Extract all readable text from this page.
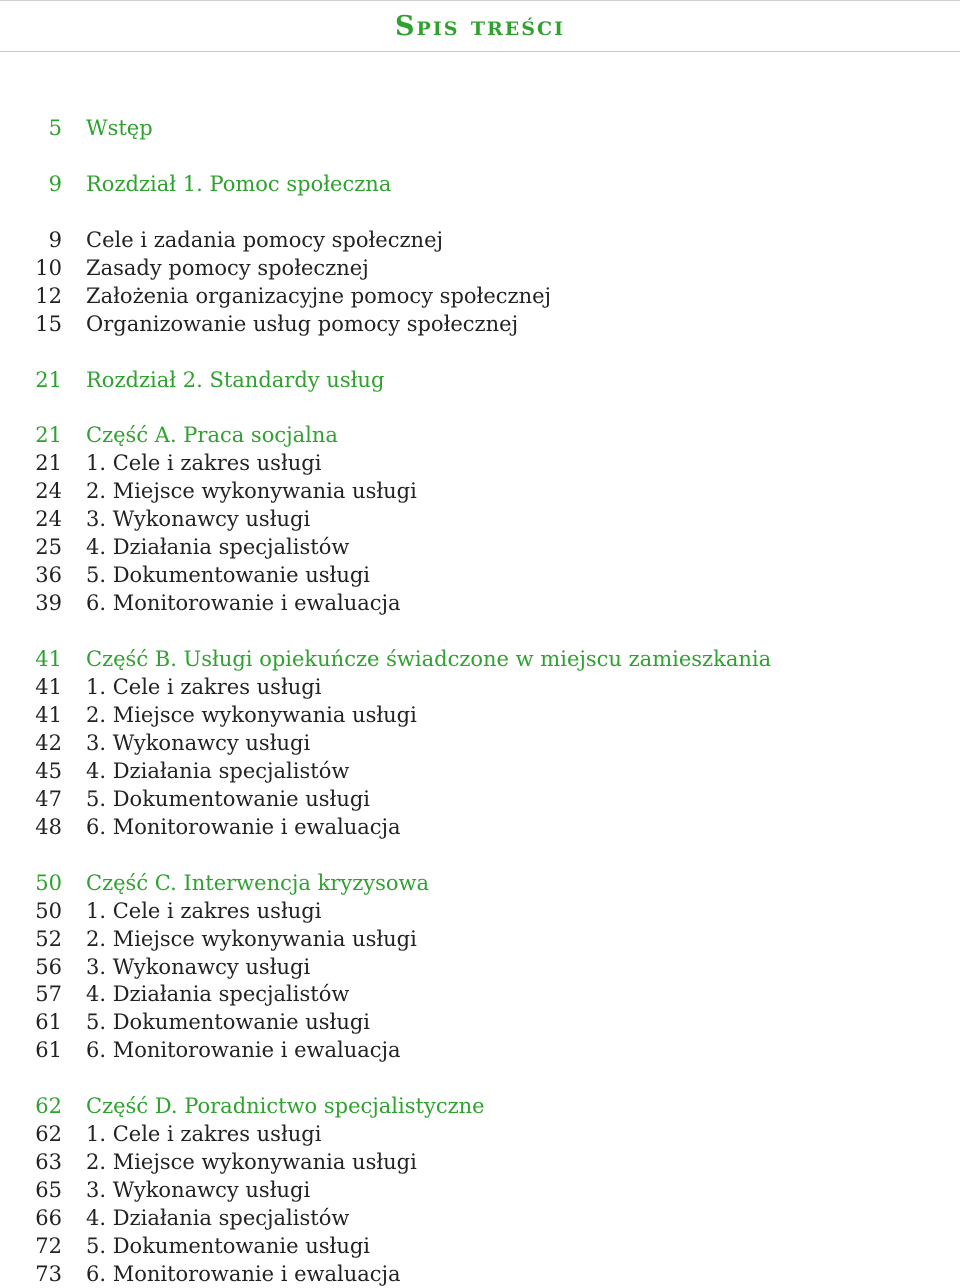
Spis treści
5 Wstęp
9 Rozdział 1. Pomoc społeczna
9 Cele i zadania pomocy społecznej
10 Zasady pomocy społecznej
12 Założenia organizacyjne pomocy społecznej
15 Organizowanie usług pomocy społecznej
21 Rozdział 2. Standardy usług
21 Część A. Praca socjalna
21 1. Cele i zakres usługi
24 2. Miejsce wykonywania usługi
24 3. Wykonawcy usługi
25 4. Działania specjalistów
36 5. Dokumentowanie usługi
39 6. Monitorowanie i ewaluacja
41 Część B. Usługi opiekuńcze świadczone w miejscu zamieszkania
41 1. Cele i zakres usługi
41 2. Miejsce wykonywania usługi
42 3. Wykonawcy usługi
45 4. Działania specjalistów
47 5. Dokumentowanie usługi
48 6. Monitorowanie i ewaluacja
50 Część C. Interwencja kryzysowa
50 1. Cele i zakres usługi
52 2. Miejsce wykonywania usługi
56 3. Wykonawcy usługi
57 4. Działania specjalistów
61 5. Dokumentowanie usługi
61 6. Monitorowanie i ewaluacja
62 Część D. Poradnictwo specjalistyczne
62 1. Cele i zakres usługi
63 2. Miejsce wykonywania usługi
65 3. Wykonawcy usługi
66 4. Działania specjalistów
72 5. Dokumentowanie usługi
73 6. Monitorowanie i ewaluacja
